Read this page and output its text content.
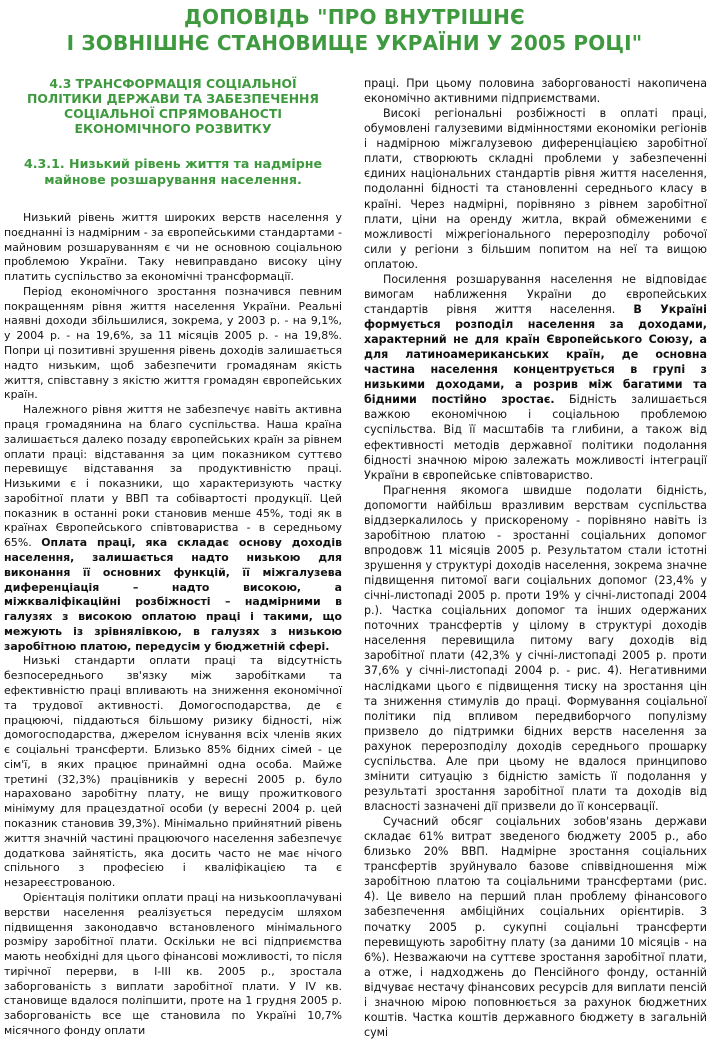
ДОПОВІДЬ "ПРО ВНУТРІШНЄ
І ЗОВНІШНЄ СТАНОВИЩЕ УКРАЇНИ У 2005 РОЦІ"
4.3 ТРАНСФОРМАЦІЯ СОЦІАЛЬНОЇ ПОЛІТИКИ ДЕРЖАВИ ТА ЗАБЕЗПЕЧЕННЯ СОЦІАЛЬНОЇ СПРЯМОВАНОСТІ ЕКОНОМІЧНОГО РОЗВИТКУ
4.3.1. Низький рівень життя та надмірне майнове розшарування населення.

Низький рівень життя широких верств населення у поєднанні із надмірним - за європейськими стандартами - майновим розшаруванням є чи не основною соціальною проблемою України. Таку невиправдано високу ціну платить суспільство за економічні трансформації.

Період економічного зростання позначився певним покращенням рівня життя населення України. Реальні наявні доходи збільшилися, зокрема, у 2003 р. - на 9,1%, у 2004 р. - на 19,6%, за 11 місяців 2005 р. - на 19,8%. Попри ці позитивні зрушення рівень доходів залишається надто низьким, щоб забезпечити громадянам якість життя, співставну з якістю життя громадян європейських країн.

Належного рівня життя не забезпечує навіть активна праця громадянина на благо суспільства. Наша країна залишається далеко позаду європейських країн за рівнем оплати праці: відставання за цим показником суттєво перевищує відставання за продуктивністю праці. Низькими є і показники, що характеризують частку заробітної плати у ВВП та собівартості продукції. Цей показник в останні роки становив менше 45%, тоді як в країнах Європейського співтовариства - в середньому 65%. Оплата праці, яка складає основу доходів населення, залишається надто низькою для виконання її основних функцій, її міжгалузева диференціація – надто високою, а міжкваліфікаційні розбіжності – надмірними в галузях з високою оплатою праці і такими, що межують із зрівнялівкою, в галузях з низькою заробітною платою, передусім у бюджетній сфері.

Низькі стандарти оплати праці та відсутність безпосереднього зв'язку між заробітками та ефективністю праці впливають на зниження економічної та трудової активності. Домогосподарства, де є працюючі, піддаються більшому ризику бідності, ніж домогосподарства, джерелом існування всіх членів яких є соціальні трансферти. Близько 85% бідних сімей - це сім'ї, в яких працює принаймні одна особа. Майже третині (32,3%) працівників у вересні 2005 р. було нараховано заробітну плату, не вищу прожиткового мінімуму для працездатної особи (у вересні 2004 р. цей показник становив 39,3%). Мінімально прийнятний рівень життя значній частині працюючого населення забезпечує додаткова зайнятість, яка досить часто не має нічого спільного з професією і кваліфікацією та є незареєстрованою.

Орієнтація політики оплати праці на низькооплачувані верстви населення реалізується передусім шляхом підвищення законодавчо встановленого мінімального розміру заробітної плати. Оскільки не всі підприємства мають необхідні для цього фінансові можливості, то після тирічної перерви, в І-ІІІ кв. 2005 р., зростала заборгованість з виплати заробітної плати. У IV кв. становище вдалося поліпшити, проте на 1 грудня 2005 р. заборгованість все ще становила по Україні 10,7% місячного фонду оплати

праці. При цьому половина заборгованості накопичена економічно активними підприємствами.

Високі регіональні розбіжності в оплаті праці, обумовлені галузевими відмінностями економіки регіонів і надмірною міжгалузевою диференціацією заробітної плати, створюють складні проблеми у забезпеченні єдиних національних стандартів рівня життя населення, подоланні бідності та становленні середнього класу в країні. Через надмірні, порівняно з рівнем заробітної плати, ціни на оренду житла, вкрай обмеженими є можливості міжрегіонального перерозподілу робочої сили у регіони з більшим попитом на неї та вищою оплатою.

Посилення розшарування населення не відповідає вимогам наближення України до європейських стандартів рівня життя населення. В Україні формується розподіл населення за доходами, характерний не для країн Європейського Союзу, а для латиноамериканських країн, де основна частина населення концентрується в групі з низькими доходами, а розрив між багатими та бідними постійно зростає. Бідність залишається важкою економічною і соціальною проблемою суспільства. Від її масштабів та глибини, а також від ефективності методів державної політики подолання бідності значною мірою залежать можливості інтеграції України в європейське співтовариство.

Прагнення якомога швидше подолати бідність, допомогти найбільш вразливим верствам суспільства віддзеркалилось у прискореному - порівняно навіть із заробітною платою - зростанні соціальних допомог впродовж 11 місяців 2005 р. Результатом стали істотні зрушення у структурі доходів населення, зокрема значне підвищення питомої ваги соціальних допомог (23,4% у січні-листопаді 2005 р. проти 19% у січні-листопаді 2004 р.). Частка соціальних допомог та інших одержаних поточних трансфертів у цілому в структурі доходів населення перевищила питому вагу доходів від заробітної плати (42,3% у січні-листопаді 2005 р. проти 37,6% у січні-листопаді 2004 р. - рис. 4). Негативними наслідками цього є підвищення тиску на зростання цін та зниження стимулів до праці. Формування соціальної політики під впливом передвиборчого популізму призвело до підтримки бідних верств населення за рахунок перерозподілу доходів середнього прошарку суспільства. Але при цьому не вдалося принципово змінити ситуацію з бідністю замість її подолання у результаті зростання заробітної плати та доходів від власності зазначені дії призвели до її консервації.

Сучасний обсяг соціальних зобов'язань держави складає 61% витрат зведеного бюджету 2005 р., або близько 20% ВВП. Надмірне зростання соціальних трансфертів зруйнувало базове співвідношення між заробітною платою та соціальними трансфертами (рис. 4). Це вивело на перший план проблему фінансового забезпечення амбіційних соціальних орієнтирів. З початку 2005 р. сукупні соціальні трансферти перевищують заробітну плату (за даними 10 місяців - на 6%). Незважаючи на суттєве зростання заробітної плати, а отже, і надходжень до Пенсійного фонду, останній відчуває нестачу фінансових ресурсів для виплати пенсій і значною мірою поповнюється за рахунок бюджетних коштів. Частка коштів державного бюджету в загальній сумі
